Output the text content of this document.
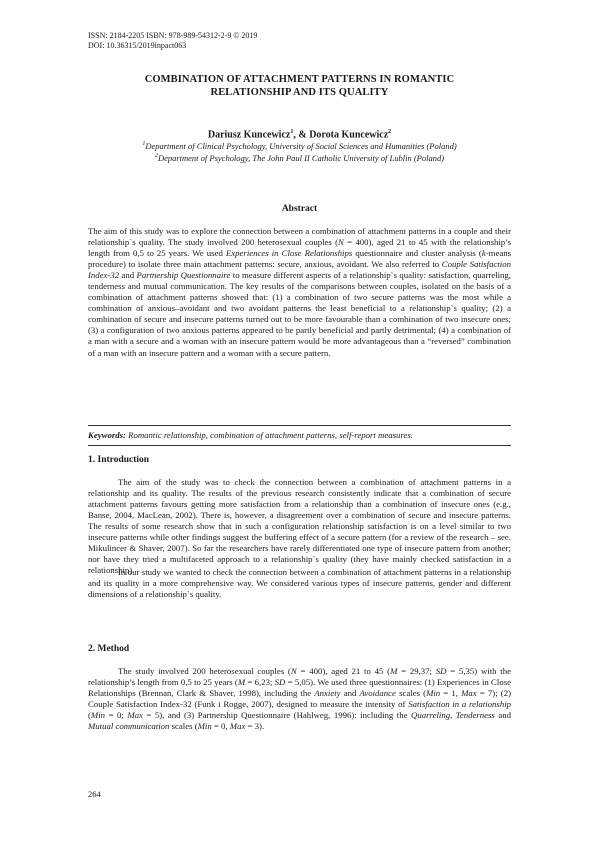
ISSN: 2184-2205 ISBN: 978-989-54312-2-9 © 2019
DOI: 10.36315/2019inpact063
COMBINATION OF ATTACHMENT PATTERNS IN ROMANTIC
RELATIONSHIP AND ITS QUALITY
Dariusz Kuncewicz$^1$, & Dorota Kuncewicz$^2$
$^1$Department of Clinical Psychology, University of Social Sciences and Humanities (Poland)
$^2$Department of Psychology, The John Paul II Catholic University of Lublin (Poland)
Abstract

The aim of this study was to explore the connection between a combination of attachment patterns in a couple and their relationship`s quality. The study involved 200 heterosexual couples (N = 400), aged 21 to 45 with the relationship’s length from 0,5 to 25 years. We used Experiences in Close Relationships questionnaire and cluster analysis (k-means procedure) to isolate three main attachment patterns: secure, anxious, avoidant. We also referred to Couple Satisfaction Index-32 and Partnership Questionnaire to measure different aspects of a relationship`s quality: satisfaction, quarreling, tenderness and mutual communication. The key results of the comparisons between couples, isolated on the basis of a combination of attachment patterns showed that: (1) a combination of two secure patterns was the most while a combination of anxious–avoidant and two avoidant patterns the least beneficial to a relationship`s quality; (2) a combination of secure and insecure patterns turned out to be more favourable than a combination of two insecure ones; (3) a configuration of two anxious patterns appeared to be partly beneficial and partly detrimental; (4) a combination of a man with a secure and a woman with an insecure pattern would be more advantageous than a “reversed” combination of a man with an insecure pattern and a woman with a secure pattern.

Keywords: Romantic relationship, combination of attachment patterns, self-report measures.

1. Introduction

The aim of the study was to check the connection between a combination of attachment patterns in a relationship and its quality. The results of the previous research consistently indicate that a combination of secure attachment patterns favours getting more satisfaction from a relationship than a combination of insecure ones (e.g., Banse, 2004, MacLean, 2002). There is, however, a disagreement over a combination of secure and insecure patterns. The results of some research show that in such a configuration relationship satisfaction is on a level similar to two insecure patterns while other findings suggest the buffering effect of a secure pattern (for a review of the research – see. Mikulincer & Shaver, 2007). So far the researchers have rarely differentiated one type of insecure pattern from another; nor have they tried a multifaceted approach to a relationship`s quality (they have mainly checked satisfaction in a relationship).

In our study we wanted to check the connection between a combination of attachment patterns in a relationship and its quality in a more comprehensive way. We considered various types of insecure patterns, gender and different dimensions of a relationship`s quality.

2. Method

The study involved 200 heterosexual couples (N = 400), aged 21 to 45 (M = 29,37; SD = 5,35) with the relationship’s length from 0,5 to 25 years (M = 6,23; SD = 5,05). We used three questionnaires: (1) Experiences in Close Relationships (Brennan, Clark & Shaver, 1998), including the Anxiety and Avoidance scales (Min = 1, Max = 7); (2) Couple Satisfaction Index-32 (Funk i Rogge, 2007), designed to measure the intensity of Satisfaction in a relationship (Min = 0; Max = 5), and (3) Partnership Questionnaire (Hahlweg, 1996): including the Quarreling, Tenderness and Mutual communication scales (Min = 0, Max = 3).

264
